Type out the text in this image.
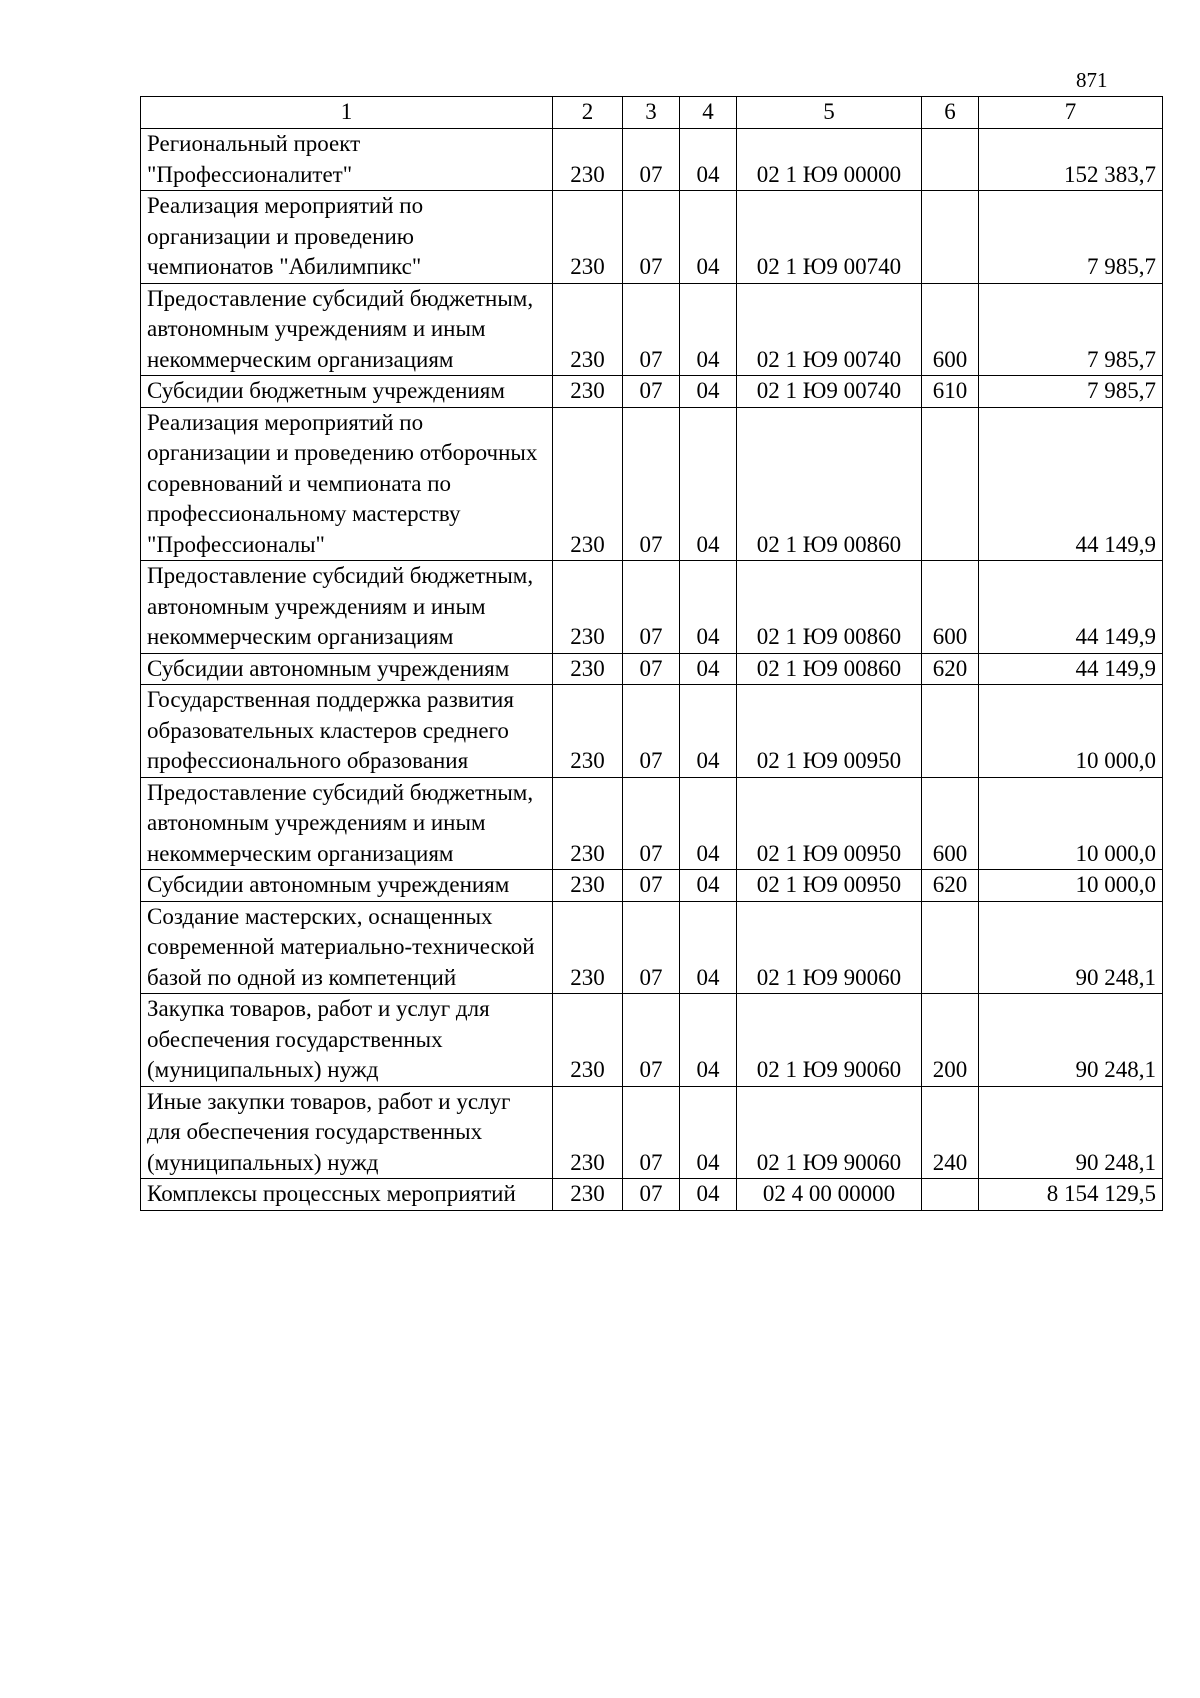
871
1	2	3	4	5	6	7
Региональный проект "Профессионалитет"	230	07	04	02 1 Ю9 00000		152 383,7
Реализация мероприятий по организации и проведению чемпионатов "Абилимпикс"	230	07	04	02 1 Ю9 00740		7 985,7
Предоставление субсидий бюджетным, автономным учреждениям и иным некоммерческим организациям	230	07	04	02 1 Ю9 00740	600	7 985,7
Субсидии бюджетным учреждениям	230	07	04	02 1 Ю9 00740	610	7 985,7
Реализация мероприятий по организации и проведению отборочных соревнований и чемпионата по профессиональному мастерству "Профессионалы"	230	07	04	02 1 Ю9 00860		44 149,9
Предоставление субсидий бюджетным, автономным учреждениям и иным некоммерческим организациям	230	07	04	02 1 Ю9 00860	600	44 149,9
Субсидии автономным учреждениям	230	07	04	02 1 Ю9 00860	620	44 149,9
Государственная поддержка развития образовательных кластеров среднего профессионального образования	230	07	04	02 1 Ю9 00950		10 000,0
Предоставление субсидий бюджетным, автономным учреждениям и иным некоммерческим организациям	230	07	04	02 1 Ю9 00950	600	10 000,0
Субсидии автономным учреждениям	230	07	04	02 1 Ю9 00950	620	10 000,0
Создание мастерских, оснащенных современной материально-технической базой по одной из компетенций	230	07	04	02 1 Ю9 90060		90 248,1
Закупка товаров, работ и услуг для обеспечения государственных (муниципальных) нужд	230	07	04	02 1 Ю9 90060	200	90 248,1
Иные закупки товаров, работ и услуг для обеспечения государственных (муниципальных) нужд	230	07	04	02 1 Ю9 90060	240	90 248,1
Комплексы процессных мероприятий	230	07	04	02 4 00 00000		8 154 129,5
